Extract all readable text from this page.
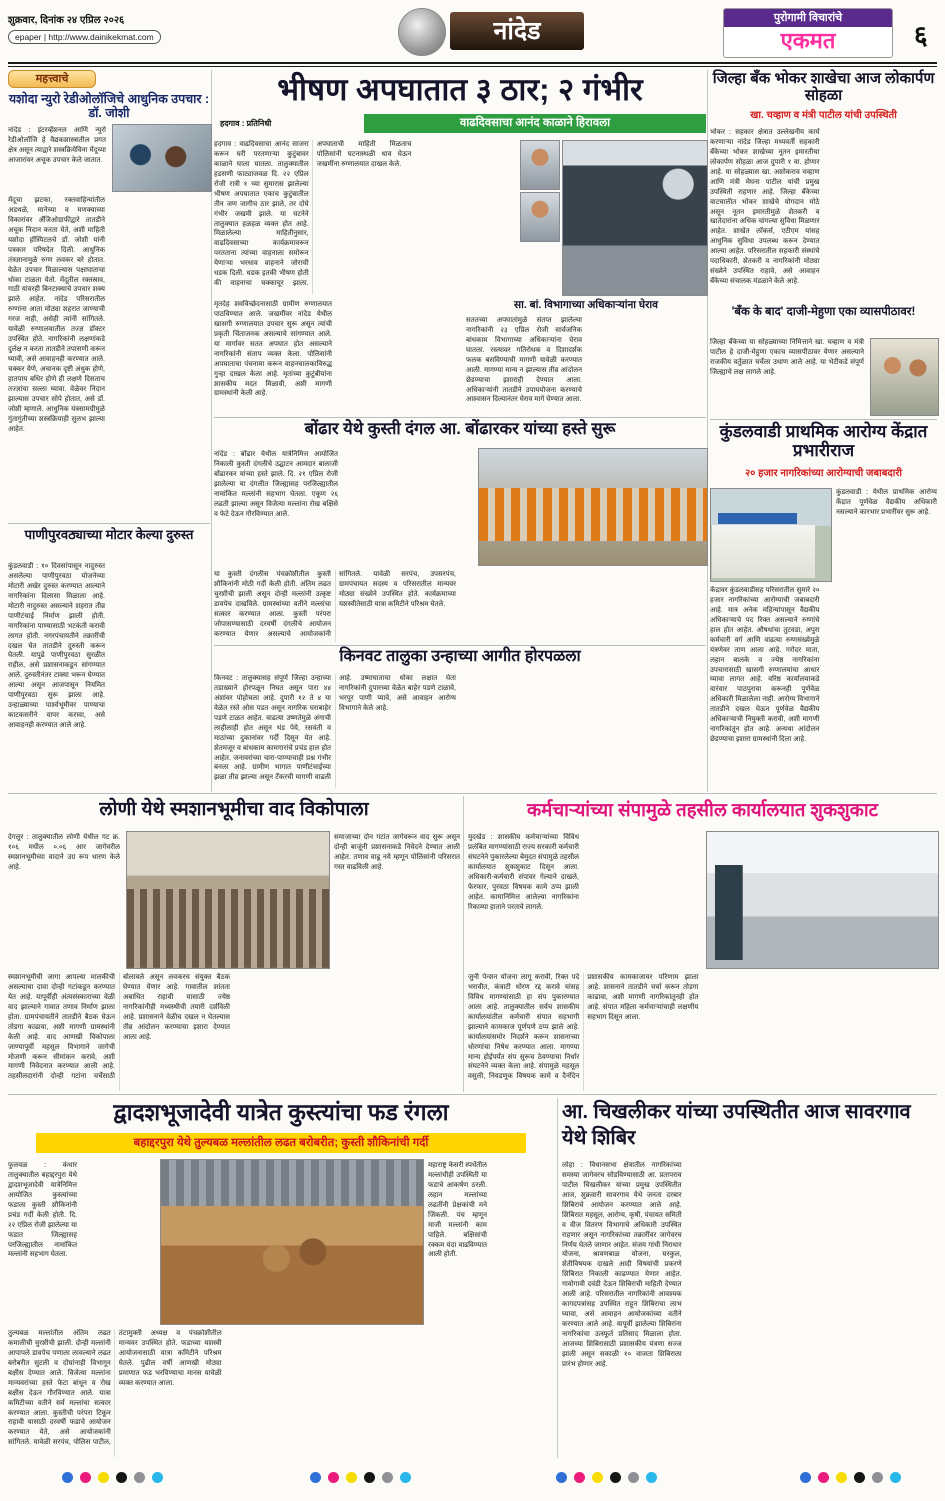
शुक्रवार, दिनांक २४ एप्रिल २०२६
epaper | http://www.dainikekmat.com	नांदेड	पुरोगामी विचारांचे
एकमत	६
महत्त्वाचे
यशोदा न्युरो रेडीओलॉजिचे आधुनिक उपचार : डॉ. जोशी
नांदेड : इंटरव्हेंशनल आणि न्युरो रेडीओलॉजि हे वैद्यकशास्त्रातील प्रगत क्षेत्र असून त्याद्वारे शस्त्रक्रियेविना मेंदूच्या आजारांवर अचूक उपचार केले जातात.
मेंदूचा झटका, रक्तवाहिन्यांतील अडथळे, मानेच्या व मणक्याच्या विकारांवर अँजिओग्राफीद्वारे तातडीने अचूक निदान करता येते, अशी माहिती यशोदा हॉस्पिटलचे डॉ. जोशी यांनी पत्रकार परिषदेत दिली. आधुनिक तंत्रज्ञानामुळे रुग्ण लवकर बरे होतात. वेळेत उपचार मिळाल्यास पक्षाघाताचा धोका टाळता येतो. मेंदूतील रक्तस्राव, गाठी यांवरही बिनटाक्याचे उपचार शक्य झाले आहेत. नांदेड परिसरातील रुग्णांना आता मोठ्या शहरात जाण्याची गरज नाही, असेही त्यांनी सांगितले. यावेळी रुग्णालयातील तज्ज्ञ डॉक्टर उपस्थित होते. नागरिकांनी लक्षणांकडे दुर्लक्ष न करता तातडीने तपासणी करून घ्यावी, असे आवाहनही करण्यात आले. चक्कर येणे, अचानक दृष्टी अंधुक होणे, हातपाय बधिर होणे ही लक्षणे दिसताच तज्ज्ञांचा सल्ला घ्यावा. वेळेवर निदान झाल्यास उपचार सोपे होतात, असे डॉ. जोशी म्हणाले. आधुनिक यंत्रसामग्रीमुळे गुंतागुंतीच्या शस्त्रक्रियाही सुलभ झाल्या आहेत.
पाणीपुरवठ्याच्या मोटार केल्या दुरुस्त
कुंडलवाडी : १० दिवसांपासून नादुरुस्त असलेल्या पाणीपुरवठा योजनेच्या मोटारी अखेर दुरुस्त करण्यात आल्याने नागरिकांना दिलासा मिळाला आहे. मोटारी नादुरुस्त असल्याने शहरात तीव्र पाणीटंचाई निर्माण झाली होती. नागरिकांना पाण्यासाठी भटकंती करावी लागत होती. नगरपंचायतीने तक्रारींची दखल घेत तातडीने दुरुस्ती करून घेतली. यापुढे पाणीपुरवठा सुरळीत राहील, असे प्रशासनाकडून सांगण्यात आले. दुरुस्तीनंतर टाक्या भरून घेण्यात आल्या असून आजपासून नियमित पाणीपुरवठा सुरू झाला आहे. उन्हाळ्याच्या पार्श्वभूमीवर पाण्याचा काटकसरीने वापर करावा, असे आवाहनही करण्यात आले आहे.
भीषण अपघातात ३ ठार; २ गंभीर
हदगाव : प्रतिनिधी	वाढदिवसाचा आनंद काळाने हिरावला
हदगाव : वाढदिवसाचा आनंद साजरा करून घरी परतणाऱ्या कुटुंबावर काळाने घाला घातला. तालुक्यातील हडसणी फाट्याजवळ दि. २२ एप्रिल रोजी रात्री १ च्या सुमारास झालेल्या भीषण अपघातात एकाच कुटुंबातील तीन जण जागीच ठार झाले, तर दोघे गंभीर जखमी झाले. या घटनेने तालुक्यात हळहळ व्यक्त होत आहे. मिळालेल्या माहितीनुसार, वाढदिवसाच्या कार्यक्रमावरून परतताना त्यांच्या वाहनाला समोरून येणाऱ्या भरधाव वाहनाने जोराची धडक दिली. धडक इतकी भीषण होती की वाहनाचा चक्काचूर झाला. अपघाताची माहिती मिळताच पोलिसांनी घटनास्थळी धाव घेऊन जखमींना रुग्णालयात दाखल केले.
मृतदेह शवविच्छेदनासाठी ग्रामीण रुग्णालयात पाठविण्यात आले. जखमींवर नांदेड येथील खासगी रुग्णालयात उपचार सुरू असून त्यांची प्रकृती चिंताजनक असल्याचे सांगण्यात आले. या मार्गावर सतत अपघात होत असल्याने नागरिकांनी संताप व्यक्त केला. पोलिसांनी अपघाताचा पंचनामा करून वाहनचालकाविरुद्ध गुन्हा दाखल केला आहे. मृतांच्या कुटुंबीयांना शासकीय मदत मिळावी, अशी मागणी ग्रामस्थांनी केली आहे.
सा. बां. विभागाच्या अधिकाऱ्यांना घेराव
सततच्या अपघातांमुळे संतप्त झालेल्या नागरिकांनी २३ एप्रिल रोजी सार्वजनिक बांधकाम विभागाच्या अधिकाऱ्यांना घेराव घातला. रस्त्यावर गतिरोधक व दिशादर्शक फलक बसविण्याची मागणी यावेळी करण्यात आली. मागण्या मान्य न झाल्यास तीव्र आंदोलन छेडण्याचा इशाराही देण्यात आला. अधिकाऱ्यांनी तातडीने उपाययोजना करण्याचे आश्वासन दिल्यानंतर घेराव मागे घेण्यात आला.
जिल्हा बँक भोकर शाखेचा आज लोकार्पण सोहळा
खा. चव्हाण व मंत्री पाटील यांची उपस्थिती
भोकर : सहकार क्षेत्रात उल्लेखनीय कार्य करणाऱ्या नांदेड जिल्हा मध्यवर्ती सहकारी बँकेच्या भोकर शाखेच्या नूतन इमारतीचा लोकार्पण सोहळा आज दुपारी १ वा. होणार आहे. या सोहळ्यास खा. अशोकराव चव्हाण आणि मंत्री मेघना पाटील यांची प्रमुख उपस्थिती राहणार आहे. जिल्हा बँकेच्या वाटचालीत भोकर शाखेचे योगदान मोठे असून नूतन इमारतीमुळे शेतकरी व खातेदारांना अधिक चांगल्या सुविधा मिळणार आहेत. शाखेत लॉकर्स, एटीएम यांसह आधुनिक सुविधा उपलब्ध करून देण्यात आल्या आहेत. परिसरातील सहकारी संस्थांचे पदाधिकारी, शेतकरी व नागरिकांनी मोठ्या संख्येने उपस्थित राहावे, असे आवाहन बँकेच्या संचालक मंडळाने केले आहे.
'बँक के बाद' दाजी-मेहुणा एका व्यासपीठावर!
जिल्हा बँकेच्या या सोहळ्याच्या निमित्ताने खा. चव्हाण व मंत्री पाटील हे दाजी-मेहुणा एकाच व्यासपीठावर येणार असल्याने राजकीय वर्तुळात चर्चेला उधाण आले आहे. या भेटीकडे संपूर्ण जिल्ह्याचे लक्ष लागले आहे.
बोंढार येथे कुस्ती दंगल आ. बोंढारकर यांच्या हस्ते सुरू
नांदेड : बोंढार येथील यात्रेनिमित्त आयोजित निकाली कुस्ती दंगलीचे उद्घाटन आमदार बालाजी बोंढारकर यांच्या हस्ते झाले. दि. २१ एप्रिल रोजी झालेल्या या दंगलीत जिल्ह्यासह परजिल्ह्यातील नामांकित मल्लांनी सहभाग घेतला. एकूण २६ लढती झाल्या असून विजेत्या मल्लांना रोख बक्षिसे व फेटे देऊन गौरविण्यात आले.
या कुस्ती दंगलीस पंचक्रोशीतील कुस्ती शौकिनांनी मोठी गर्दी केली होती. अंतिम लढत चुरशीची झाली असून दोन्ही मल्लांनी उत्कृष्ट डावपेच दाखविले. ग्रामस्थांच्या वतीने मल्लांचा सत्कार करण्यात आला. कुस्ती परंपरा जोपासण्यासाठी दरवर्षी दंगलीचे आयोजन करण्यात येणार असल्याचे आयोजकांनी सांगितले. यावेळी सरपंच, उपसरपंच, ग्रामपंचायत सदस्य व परिसरातील मान्यवर मोठ्या संख्येने उपस्थित होते. कार्यक्रमाच्या यशस्वीतेसाठी यात्रा कमिटीने परिश्रम घेतले.
कुंडलवाडी प्राथमिक आरोग्य केंद्रात प्रभारीराज
२० हजार नागरिकांच्या आरोग्याची जबाबदारी
कुंडलवाडी : येथील प्राथमिक आरोग्य केंद्रात पूर्णवेळ वैद्यकीय अधिकारी नसल्याने कारभार प्रभारींवर सुरू आहे.
केंद्रावर कुंडलवाडीसह परिसरातील सुमारे २० हजार नागरिकांच्या आरोग्याची जबाबदारी आहे. मात्र अनेक महिन्यांपासून वैद्यकीय अधिकाऱ्याचे पद रिक्त असल्याने रुग्णांचे हाल होत आहेत. औषधांचा तुटवडा, अपुरा कर्मचारी वर्ग आणि वाढत्या रुग्णसंख्येमुळे यंत्रणेवर ताण आला आहे. गरोदर माता, लहान बालके व ज्येष्ठ नागरिकांना उपचारासाठी खासगी रुग्णालयांचा आधार घ्यावा लागत आहे. वरिष्ठ कार्यालयाकडे वारंवार पाठपुरावा करूनही पूर्णवेळ अधिकारी मिळालेला नाही. आरोग्य विभागाने तातडीने दखल घेऊन पूर्णवेळ वैद्यकीय अधिकाऱ्याची नियुक्ती करावी, अशी मागणी नागरिकांतून होत आहे. अन्यथा आंदोलन छेडण्याचा इशारा ग्रामस्थांनी दिला आहे.
किनवट तालुका उन्हाच्या आगीत होरपळला
किनवट : तालुक्यासह संपूर्ण जिल्हा उन्हाच्या तडाख्याने होरपळून निघत असून पारा ४४ अंशांवर पोहोचला आहे. दुपारी १२ ते ४ या वेळेत रस्ते ओस पडत असून नागरिक घराबाहेर पडणे टाळत आहेत. वाढत्या उष्णतेमुळे अंगाची लाहीलाही होत असून थंड पेये, रसवंती व माठांच्या दुकानांवर गर्दी दिसून येत आहे. शेतमजूर व बांधकाम कामगारांचे प्रचंड हाल होत आहेत. जनावरांच्या चारा-पाण्याचाही प्रश्न गंभीर बनला आहे. ग्रामीण भागात पाणीटंचाईच्या झळा तीव्र झाल्या असून टँकरची मागणी वाढली आहे. उष्माघाताचा धोका लक्षात घेता नागरिकांनी दुपारच्या वेळेत बाहेर पडणे टाळावे, भरपूर पाणी प्यावे, असे आवाहन आरोग्य विभागाने केले आहे.
लोणी येथे स्मशानभूमीचा वाद विकोपाला
देगलूर : तालुक्यातील लोणी येथील गट क्र. १०६ मधील ०.०६ आर जागेवरील स्मशानभूमीच्या वादाने उग्र रूप धारण केले आहे.
समाजाच्या दोन गटांत जागेवरून वाद सुरू असून दोन्ही बाजूंनी प्रशासनाकडे निवेदने देण्यात आली आहेत. तणाव वाढू नये म्हणून पोलिसांनी परिसरात गस्त वाढविली आहे.
स्मशानभूमीची जागा आपल्या मालकीची असल्याचा दावा दोन्ही गटांकडून करण्यात येत आहे. यापूर्वीही अंत्यसंस्काराच्या वेळी वाद झाल्याने गावात तणाव निर्माण झाला होता. ग्रामपंचायतीने तातडीने बैठक घेऊन तोडगा काढावा, अशी मागणी ग्रामस्थांनी केली आहे. वाद आणखी विकोपाला जाण्यापूर्वी महसूल विभागाने जागेची मोजणी करून सीमांकन करावे, अशी मागणी निवेदनात करण्यात आली आहे. तहसीलदारांनी दोन्ही गटांना चर्चेसाठी बोलावले असून लवकरच संयुक्त बैठक घेण्यात येणार आहे. गावातील शांतता अबाधित राहावी यासाठी ज्येष्ठ नागरिकांनीही मध्यस्थीची तयारी दर्शविली आहे. प्रशासनाने वेळीच दखल न घेतल्यास तीव्र आंदोलन करण्याचा इशारा देण्यात आला आहे.
कर्मचाऱ्यांच्या संपामुळे तहसील कार्यालयात शुकशुकाट
मुदखेड : शासकीय कर्मचाऱ्यांच्या विविध प्रलंबित मागण्यांसाठी राज्य सरकारी कर्मचारी संघटनेने पुकारलेल्या बेमुदत संपामुळे तहसील कार्यालयात शुकशुकाट दिसून आला. अधिकारी-कर्मचारी संपावर गेल्याने दाखले, फेरफार, पुरवठा विषयक कामे ठप्प झाली आहेत. कामानिमित्त आलेल्या नागरिकांना रिकाम्या हाताने परतावे लागले.
जुनी पेन्शन योजना लागू करावी, रिक्त पदे भरावीत, कंत्राटी धोरण रद्द करावे यांसह विविध मागण्यांसाठी हा संप पुकारण्यात आला आहे. तालुक्यातील सर्वच शासकीय कार्यालयांतील कर्मचारी संपात सहभागी झाल्याने कामकाज पूर्णपणे ठप्प झाले आहे. कार्यालयांसमोर निदर्शने करून शासनाच्या धोरणांचा निषेध करण्यात आला. मागण्या मान्य होईपर्यंत संप सुरूच ठेवण्याचा निर्धार संघटनेने व्यक्त केला आहे. संपामुळे महसूल वसुली, निवडणूक विषयक कामे व दैनंदिन प्रशासकीय कामकाजावर परिणाम झाला आहे. शासनाने तातडीने चर्चा करून तोडगा काढावा, अशी मागणी नागरिकांतूनही होत आहे. संपात महिला कर्मचाऱ्यांचाही लक्षणीय सहभाग दिसून आला.
द्वादशभूजादेवी यात्रेत कुस्त्यांचा फड रंगला
बहाद्दरपुरा येथे तुल्यबळ मल्लांतील लढत बरोबरीत; कुस्ती शौकिनांची गर्दी
फुलवळ : कंधार तालुक्यातील बहाद्दरपुरा येथे द्वादशभूजादेवी यात्रेनिमित्त आयोजित कुस्त्यांच्या फडाला कुस्ती शौकिनांनी प्रचंड गर्दी केली होती. दि. २२ एप्रिल रोजी झालेल्या या फडात जिल्ह्यासह परजिल्ह्यातील नामांकित मल्लांनी सहभाग घेतला.
महाराष्ट्र केसरी स्पर्धेतील मल्लांचीही उपस्थिती या फडाचे आकर्षण ठरली. लहान मल्लांच्या लढतींनी प्रेक्षकांची मने जिंकली. पंच म्हणून माजी मल्लांनी काम पाहिले. बक्षिसांची रक्कम यंदा वाढविण्यात आली होती.
तुल्यबळ मल्लांतील अंतिम लढत कमालीची चुरशीची झाली. दोन्ही मल्लांनी आपापले डावपेच पणाला लावल्याने लढत बरोबरीत सुटली व दोघांनाही विभागून बक्षीस देण्यात आले. विजेत्या मल्लांना मान्यवरांच्या हस्ते फेटा बांधून व रोख बक्षीस देऊन गौरविण्यात आले. यात्रा कमिटीच्या वतीने सर्व मल्लांचा सत्कार करण्यात आला. कुस्तीची परंपरा टिकून राहावी यासाठी दरवर्षी फडाचे आयोजन करण्यात येते, असे आयोजकांनी सांगितले. यावेळी सरपंच, पोलिस पाटील, तंटामुक्ती अध्यक्ष व पंचक्रोशीतील मान्यवर उपस्थित होते. फडाच्या यशस्वी आयोजनासाठी यात्रा कमिटीने परिश्रम घेतले. पुढील वर्षी आणखी मोठ्या प्रमाणात फड भरविण्याचा मानस यावेळी व्यक्त करण्यात आला.
आ. चिखलीकर यांच्या उपस्थितीत आज सावरगाव येथे शिबिर
लोहा : विधानसभा क्षेत्रातील नागरिकांच्या समस्या जागेवरच सोडविण्यासाठी आ. प्रतापराव पाटील चिखलीकर यांच्या प्रमुख उपस्थितीत आज, शुक्रवारी सावरगाव येथे जनता दरबार शिबिराचे आयोजन करण्यात आले आहे. शिबिरात महसूल, आरोग्य, कृषी, पंचायत समिती व वीज वितरण विभागाचे अधिकारी उपस्थित राहणार असून नागरिकांच्या तक्रारींवर जागेवरच निर्णय घेतले जाणार आहेत. संजय गांधी निराधार योजना, श्रावणबाळ योजना, घरकुल, शेतीविषयक दाखले आदी विषयांची प्रकरणे शिबिरात निकाली काढण्यात येणार आहेत. गावोगावी दवंडी देऊन शिबिराची माहिती देण्यात आली आहे. परिसरातील नागरिकांनी आवश्यक कागदपत्रांसह उपस्थित राहून शिबिराचा लाभ घ्यावा, असे आवाहन आयोजकांच्या वतीने करण्यात आले आहे. यापूर्वी झालेल्या शिबिरांना नागरिकांचा उत्स्फूर्त प्रतिसाद मिळाला होता. आजच्या शिबिरासाठी प्रशासकीय यंत्रणा सज्ज झाली असून सकाळी १० वाजता शिबिराला प्रारंभ होणार आहे.
